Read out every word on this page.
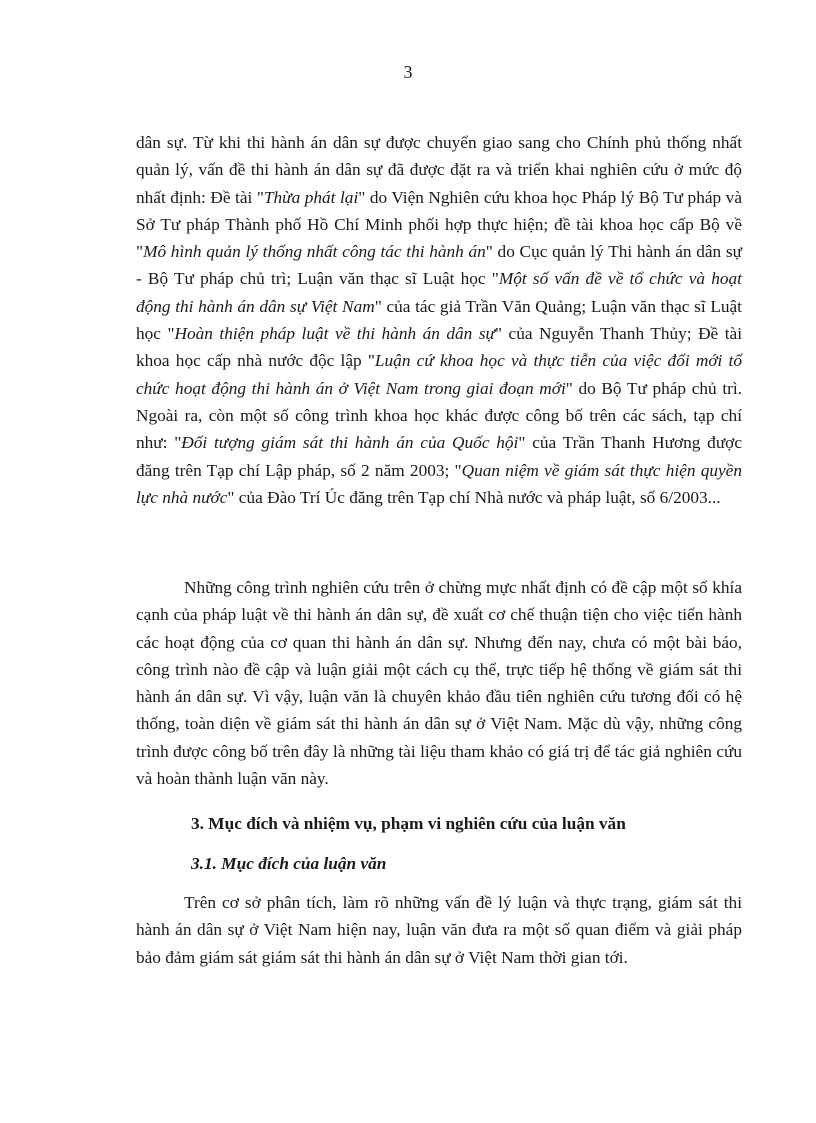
3

dân sự. Từ khi thi hành án dân sự được chuyển giao sang cho Chính phủ thống nhất quản lý, vấn đề thi hành án dân sự đã được đặt ra và triển khai nghiên cứu ở mức độ nhất định: Đề tài "Thừa phát lại" do Viện Nghiên cứu khoa học Pháp lý Bộ Tư pháp và Sở Tư pháp Thành phố Hồ Chí Minh phối hợp thực hiện; đề tài khoa học cấp Bộ về "Mô hình quản lý thống nhất công tác thi hành án" do Cục quản lý Thi hành án dân sự - Bộ Tư pháp chủ trì; Luận văn thạc sĩ Luật học "Một số vấn đề về tổ chức và hoạt động thi hành án dân sự Việt Nam" của tác giả Trần Văn Quảng; Luận văn thạc sĩ Luật học "Hoàn thiện pháp luật về thi hành án dân sự" của Nguyễn Thanh Thủy; Đề tài khoa học cấp nhà nước độc lập "Luận cứ khoa học và thực tiễn của việc đổi mới tổ chức hoạt động thi hành án ở Việt Nam trong giai đoạn mới" do Bộ Tư pháp chủ trì. Ngoài ra, còn một số công trình khoa học khác được công bố trên các sách, tạp chí như: "Đối tượng giám sát thi hành án của Quốc hội" của Trần Thanh Hương được đăng trên Tạp chí Lập pháp, số 2 năm 2003; "Quan niệm về giám sát thực hiện quyền lực nhà nước" của Đào Trí Úc đăng trên Tạp chí Nhà nước và pháp luật, số 6/2003...

Những công trình nghiên cứu trên ở chừng mực nhất định có đề cập một số khía cạnh của pháp luật về thi hành án dân sự, đề xuất cơ chế thuận tiện cho việc tiến hành các hoạt động của cơ quan thi hành án dân sự. Nhưng đến nay, chưa có một bài báo, công trình nào đề cập và luận giải một cách cụ thể, trực tiếp hệ thống về giám sát thi hành án dân sự. Vì vậy, luận văn là chuyên khảo đầu tiên nghiên cứu tương đối có hệ thống, toàn diện về giám sát thi hành án dân sự ở Việt Nam. Mặc dù vậy, những công trình được công bố trên đây là những tài liệu tham khảo có giá trị để tác giả nghiên cứu và hoàn thành luận văn này.

3. Mục đích và nhiệm vụ, phạm vi nghiên cứu của luận văn

3.1. Mục đích của luận văn

Trên cơ sở phân tích, làm rõ những vấn đề lý luận và thực trạng, giám sát thi hành án dân sự ở Việt Nam hiện nay, luận văn đưa ra một số quan điểm và giải pháp bảo đảm giám sát giám sát thi hành án dân sự ở Việt Nam thời gian tới.
